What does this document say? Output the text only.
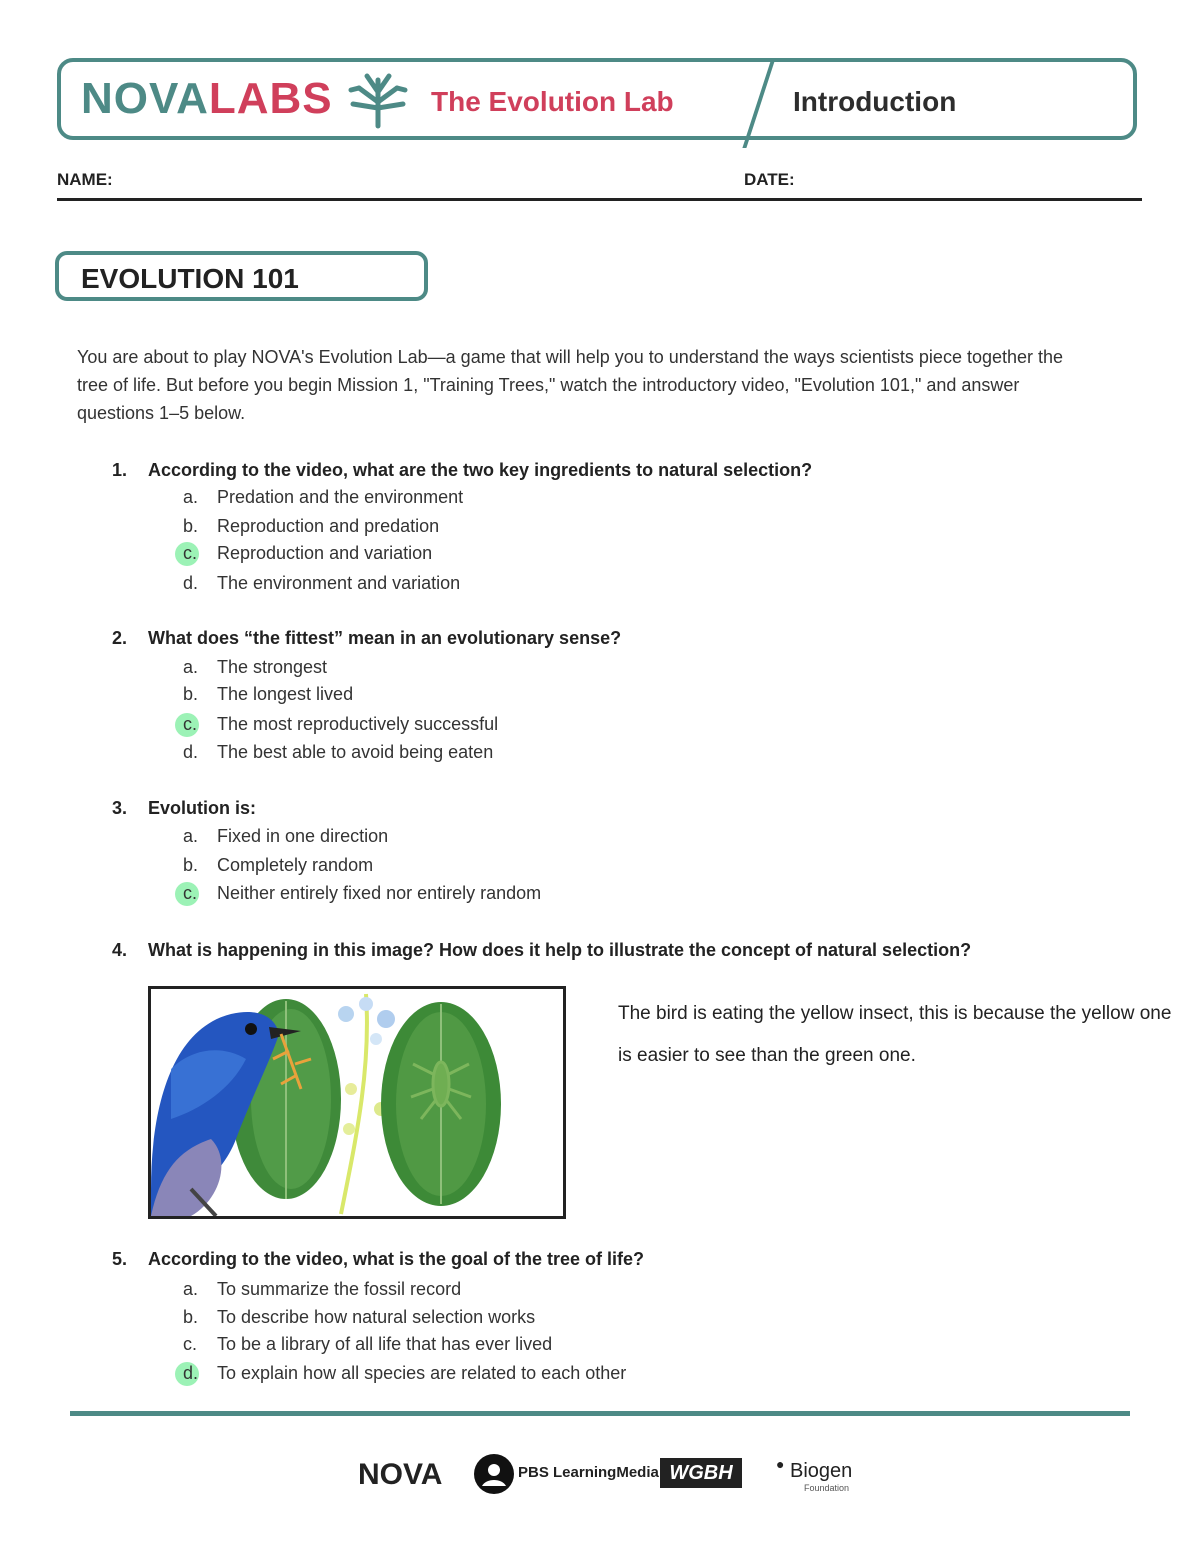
NOVALABS	The Evolution Lab	Introduction
NAME:	DATE:
EVOLUTION 101
You are about to play NOVA's Evolution Lab—a game that will help you to understand the ways scientists piece together the tree of life. But before you begin Mission 1, "Training Trees," watch the introductory video, "Evolution 101," and answer questions 1–5 below.
1. According to the video, what are the two key ingredients to natural selection?
a.	Predation and the environment
b.	Reproduction and predation
c.	Reproduction and variation
d.	The environment and variation
2. What does “the fittest” mean in an evolutionary sense?
a.	The strongest
b.	The longest lived
c.	The most reproductively successful
d.	The best able to avoid being eaten
3. Evolution is:
a.	Fixed in one direction
b.	Completely random
c.	Neither entirely fixed nor entirely random
4. What is happening in this image? How does it help to illustrate the concept of natural selection?
The bird is eating the yellow insect, this is because the yellow one is easier to see than the green one.
5. According to the video, what is the goal of the tree of life?
a.	To summarize the fossil record
b.	To describe how natural selection works
c.	To be a library of all life that has ever lived
d.	To explain how all species are related to each other
NOVA	PBS LearningMedia WGBH	Biogen
Foundation
●
